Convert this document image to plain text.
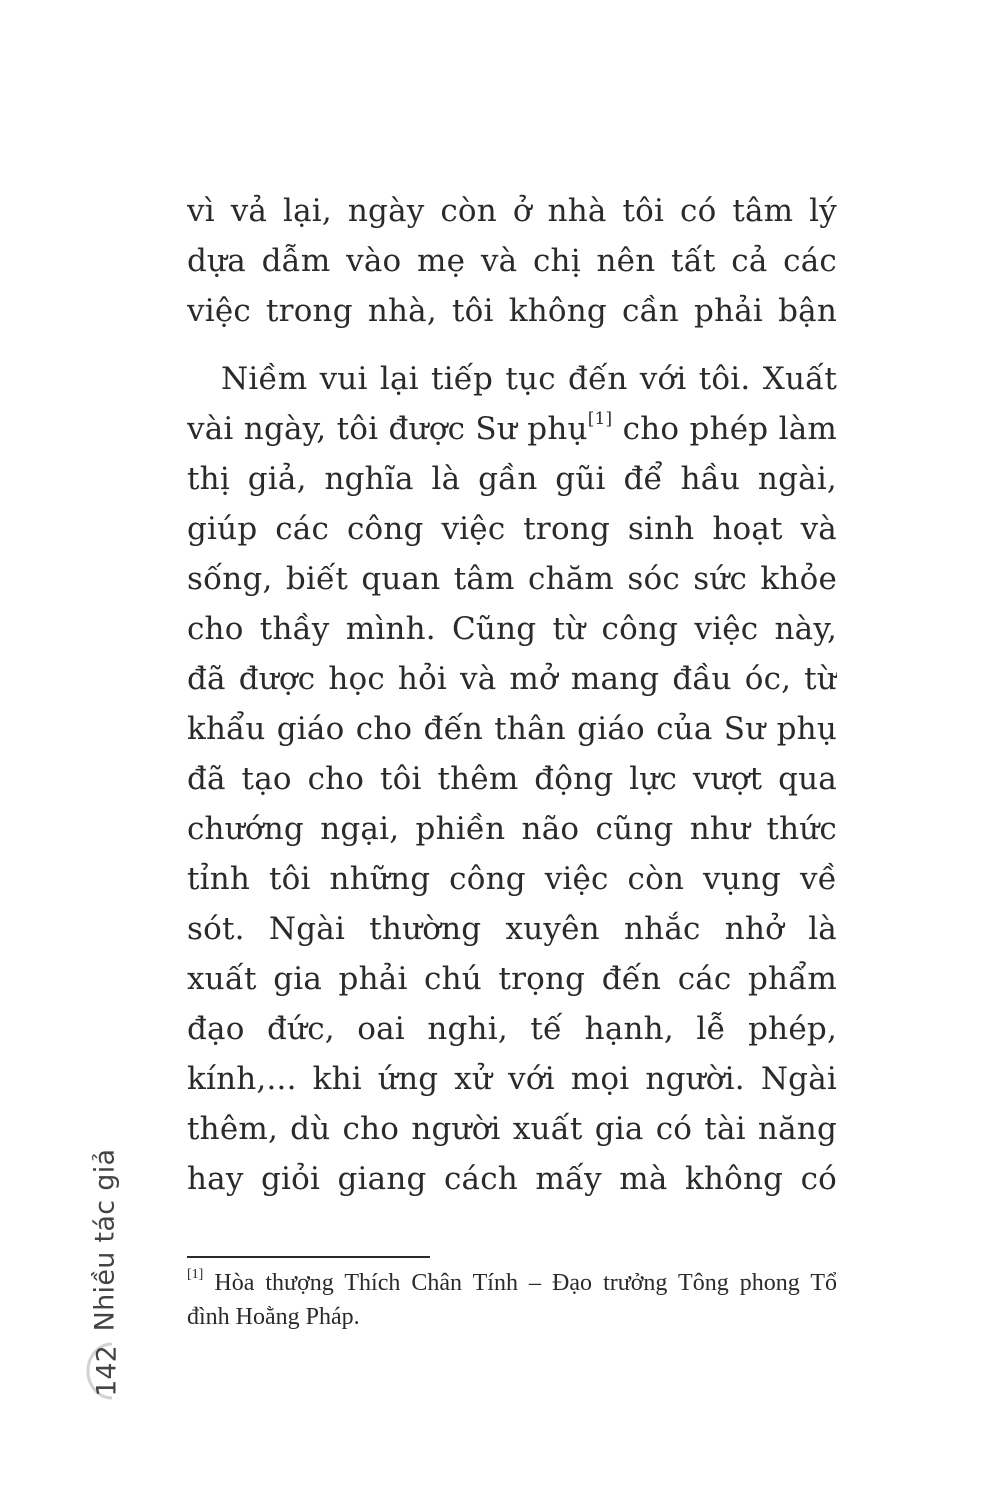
vì vả lại, ngày còn ở nhà tôi có tâm lý
dựa dẫm vào mẹ và chị nên tất cả các
việc trong nhà, tôi không cần phải bận
Niềm vui lại tiếp tục đến với tôi. Xuất
vài ngày, tôi được Sư phụ[1] cho phép làm
thị giả, nghĩa là gần gũi để hầu ngài,
giúp các công việc trong sinh hoạt và
sống, biết quan tâm chăm sóc sức khỏe
cho thầy mình. Cũng từ công việc này,
đã được học hỏi và mở mang đầu óc, từ
khẩu giáo cho đến thân giáo của Sư phụ
đã tạo cho tôi thêm động lực vượt qua
chướng ngại, phiền não cũng như thức
tỉnh tôi những công việc còn vụng về
sót. Ngài thường xuyên nhắc nhở là
xuất gia phải chú trọng đến các phẩm
đạo đức, oai nghi, tế hạnh, lễ phép,
kính,... khi ứng xử với mọi người. Ngài
thêm, dù cho người xuất gia có tài năng
hay giỏi giang cách mấy mà không có
[1] Hòa thượng Thích Chân Tính – Đạo trưởng Tông phong Tổ
đình Hoằng Pháp.
Nhiều tác giả
142
